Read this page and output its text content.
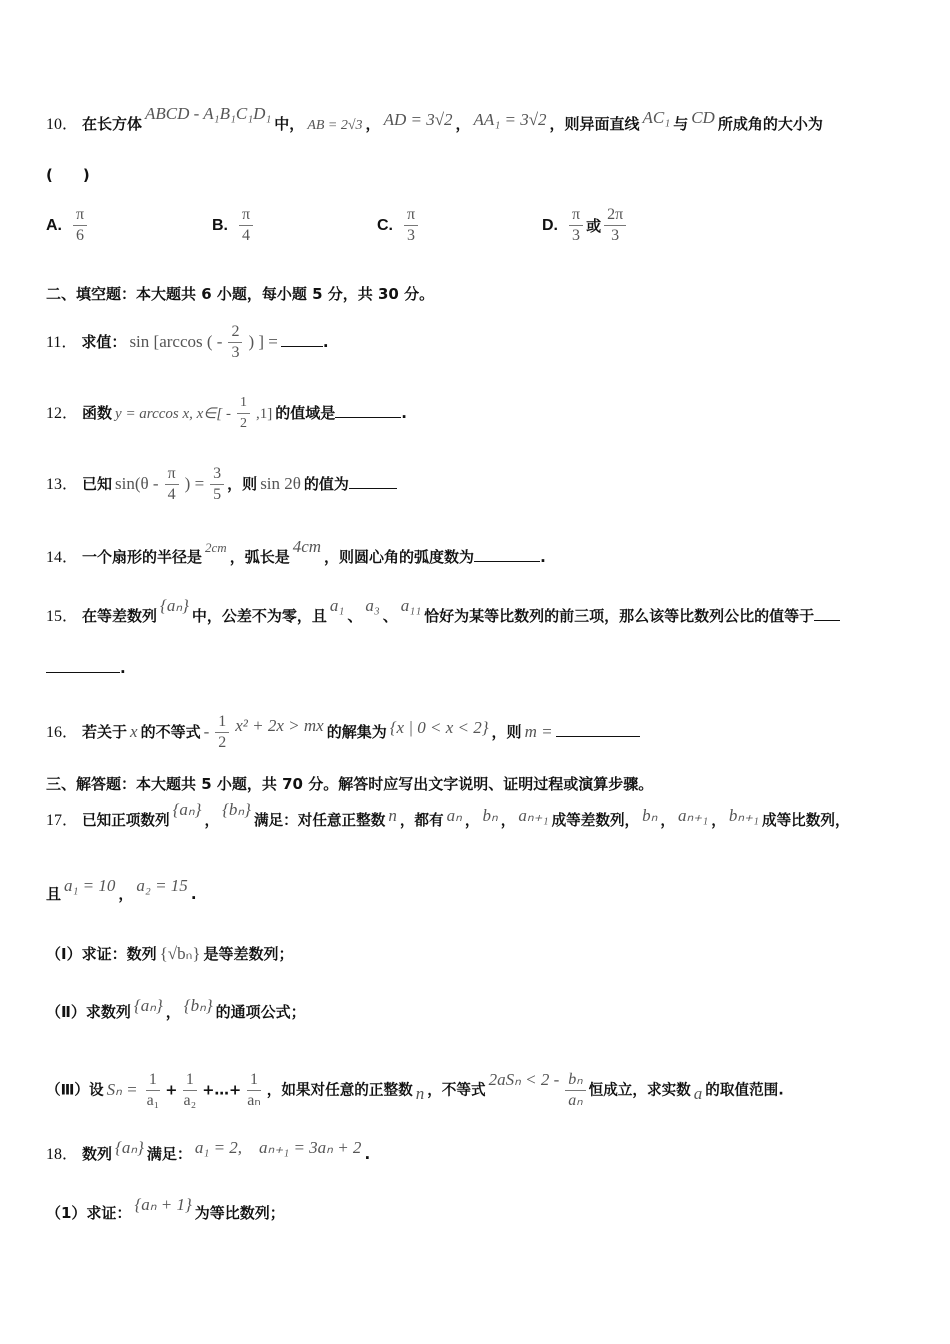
10． 在长方体ABCD - A₁B₁C₁D₁中， AB = 2√3 ， AD = 3√2 ， AA₁ = 3√2 ，则异面直线 AC₁ 与 CD 所成角的大小为
(　　)
A. $\frac{\pi}{6}$	B. $\frac{\pi}{4}$	C. $\frac{\pi}{3}$	D. $\frac{\pi}{3}$ 或 $\frac{2\pi}{3}$
二、填空题：本大题共 6 小题，每小题 5 分，共 30 分。
11． 求值： sin [arccos ( - $\frac{2}{3}$ ) ] =	.
12． 函数 y = arccos x, x∈[ - $\frac{1}{2} ,1$] 的值域是	.
13． 已知 $\sin(\theta - \frac{\pi}{4}$ ) = $\frac{3}{5}$ ，则 sin 2θ 的值为
14． 一个扇形的半径是2cm，弧长是4cm，则圆心角的弧度数为	.
15． 在等差数列{aₙ}中，公差不为零，且a₁、a₃、a₁₁恰好为某等比数列的前三项，那么该等比数列公比的值等于
.
16． 若关于 x 的不等式 - $\frac{1}{2} x^2 + 2x$ > mx 的解集为 {x | 0 < x < 2} ，则 m =
三、解答题：本大题共 5 小题，共 70 分。解答时应写出文字说明、证明过程或演算步骤。
17． 已知正项数列{aₙ}，{bₙ}满足：对任意正整数 n ，都有 aₙ ， bₙ ， aₙ₊₁ 成等差数列， bₙ ， aₙ₊₁ ， bₙ₊₁ 成等比数列，
且 a₁ = 10 ， a₂ = 15 .
（Ⅰ）求证：数列 {√bₙ} 是等差数列；
（Ⅱ）求数列 {aₙ} ， {bₙ} 的通项公式；
（Ⅲ）设 $S_n = \frac{1}{\text{a₁}} + \frac{1}{\text{a₂}}$ +…+ $\frac{1}{\text{aₙ}}$ ，如果对任意的正整数 n ，不等式$2aS_n < 2 - \frac{\text{bₙ}}{\text{aₙ}}$ 恒成立，求实数 a 的取值范围.
18． 数列 {aₙ} 满足： a₁ = 2,　aₙ₊₁ = 3aₙ + 2 .
（1）求证： {aₙ + 1} 为等比数列；
